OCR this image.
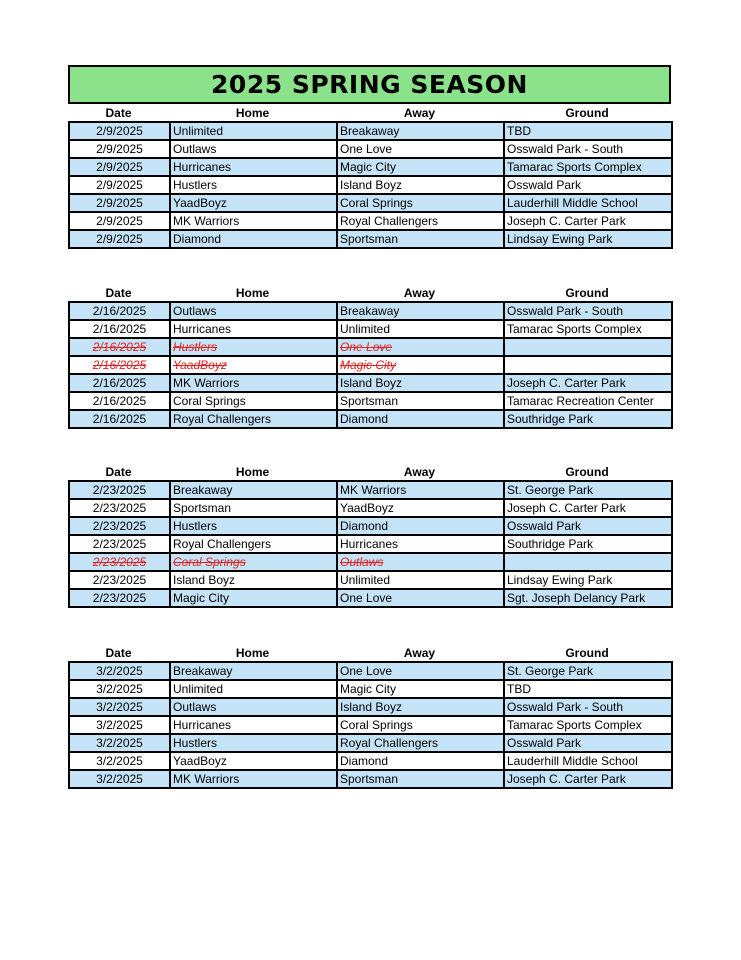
2025 SPRING SEASON
Date	Home	Away	Ground
2/9/2025	Unlimited	Breakaway	TBD
2/9/2025	Outlaws	One Love	Osswald Park - South
2/9/2025	Hurricanes	Magic City	Tamarac Sports Complex
2/9/2025	Hustlers	Island Boyz	Osswald Park
2/9/2025	YaadBoyz	Coral Springs	Lauderhill Middle School
2/9/2025	MK Warriors	Royal Challengers	Joseph C. Carter Park
2/9/2025	Diamond	Sportsman	Lindsay Ewing Park
Date	Home	Away	Ground
2/16/2025	Outlaws	Breakaway	Osswald Park - South
2/16/2025	Hurricanes	Unlimited	Tamarac Sports Complex
2/16/2025	Hustlers	One Love	
2/16/2025	YaadBoyz	Magic City	
2/16/2025	MK Warriors	Island Boyz	Joseph C. Carter Park
2/16/2025	Coral Springs	Sportsman	Tamarac Recreation Center
2/16/2025	Royal Challengers	Diamond	Southridge Park
Date	Home	Away	Ground
2/23/2025	Breakaway	MK Warriors	St. George Park
2/23/2025	Sportsman	YaadBoyz	Joseph C. Carter Park
2/23/2025	Hustlers	Diamond	Osswald Park
2/23/2025	Royal Challengers	Hurricanes	Southridge Park
2/23/2025	Coral Springs	Outlaws	
2/23/2025	Island Boyz	Unlimited	Lindsay Ewing Park
2/23/2025	Magic City	One Love	Sgt. Joseph Delancy Park
Date	Home	Away	Ground
3/2/2025	Breakaway	One Love	St. George Park
3/2/2025	Unlimited	Magic City	TBD
3/2/2025	Outlaws	Island Boyz	Osswald Park - South
3/2/2025	Hurricanes	Coral Springs	Tamarac Sports Complex
3/2/2025	Hustlers	Royal Challengers	Osswald Park
3/2/2025	YaadBoyz	Diamond	Lauderhill Middle School
3/2/2025	MK Warriors	Sportsman	Joseph C. Carter Park
